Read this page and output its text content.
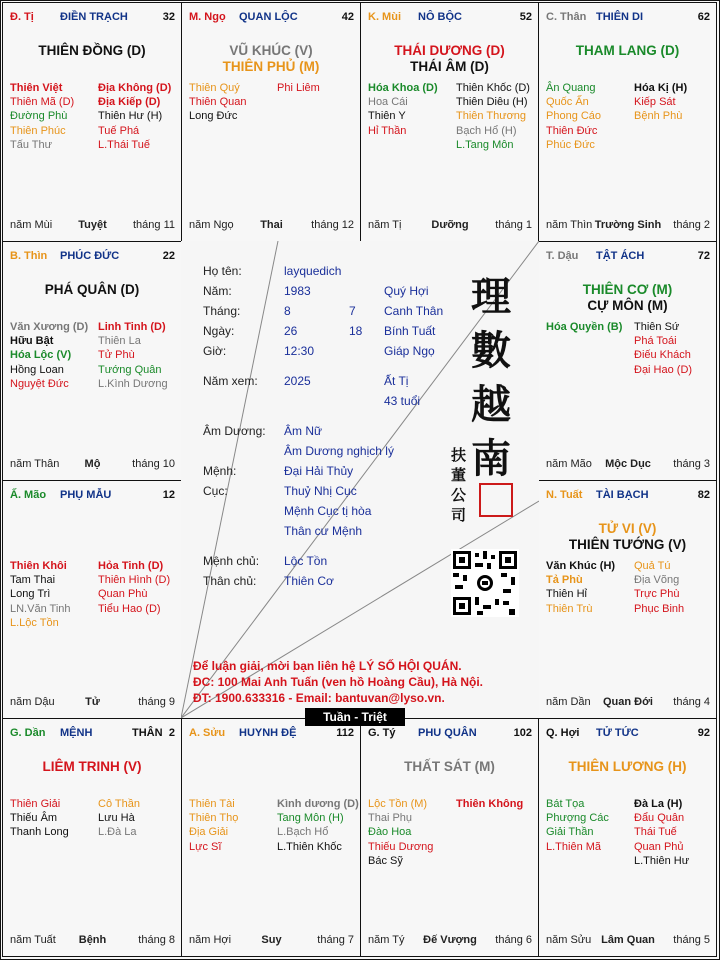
Đ. Tị ĐIỀN TRẠCH	32
THIÊN ĐỒNG (D)
Thiên Việt
Thiên Mã (D)
Đường Phù
Thiên Phúc
Tấu Thư
Địa Không (D)
Địa Kiếp (D)
Thiên Hư (H)
Tuế Phá
L.Thái Tuế
năm Mùi	Tuyệt	tháng 11
M. Ngọ QUAN LỘC	42
VŨ KHÚC (V)
THIÊN PHỦ (M)
Thiên Quý
Thiên Quan
Long Đức
Phi Liêm
năm Ngọ	Thai	tháng 12
K. Mùi NÔ BỘC	52
THÁI DƯƠNG (D)
THÁI ÂM (D)
Hóa Khoa (D)
Hoa Cái
Thiên Y
Hỉ Thần
Thiên Khốc (D)
Thiên Diêu (H)
Thiên Thương
Bạch Hổ (H)
L.Tang Môn
năm Tị	Dưỡng	tháng 1
C. Thân THIÊN DI	62
THAM LANG (D)
Ân Quang
Quốc Ấn
Phong Cáo
Thiên Đức
Phúc Đức
Hóa Kị (H)
Kiếp Sát
Bệnh Phù
năm Thìn Trường Sinh	tháng 2
B. Thìn PHÚC ĐỨC	22
PHÁ QUÂN (D)
Văn Xương (D)
Hữu Bật
Hóa Lộc (V)
Hồng Loan
Nguyệt Đức
Linh Tinh (D)
Thiên La
Tử Phù
Tướng Quân
L.Kình Dương
năm Thân	Mộ	tháng 10
T. Dậu TẬT ÁCH	72
THIÊN CƠ (M)
CỰ MÔN (M)
Hóa Quyền (B) Thiên Sứ
Phá Toái
Điếu Khách
Đại Hao (D)
năm Mão	Mộc Dục	tháng 3
Ấ. Mão PHỤ MẪU	12
Thiên Khôi
Tam Thai
Long Trì
LN.Văn Tinh
L.Lộc Tồn
Hỏa Tinh (D)
Thiên Hình (D)
Quan Phù
Tiểu Hao (D)
năm Dậu	Tử	tháng 9
N. Tuất TÀI BẠCH	82
TỬ VI (V)
THIÊN TƯỚNG (V)
Văn Khúc (H)
Tả Phù
Thiên Hỉ
Thiên Trù
Quả Tú
Địa Võng
Trực Phù
Phục Binh
năm Dần	Quan Đới	tháng 4
G. Dần MỆNH	THÂN 2
LIÊM TRINH (V)
Thiên Giải
Thiếu Âm
Thanh Long
Cô Thần
Lưu Hà
L.Đà La
năm Tuất	Bệnh	tháng 8
A. Sửu HUYNH ĐỆ	112
Thiên Tài
Thiên Thọ
Địa Giải
Lực Sĩ
Kình dương (D)
Tang Môn (H)
L.Bạch Hổ
L.Thiên Khốc
năm Hợi	Suy	tháng 7
G. Tý PHU QUÂN	102
THẤT SÁT (M)
Lộc Tồn (M)
Thai Phụ
Đào Hoa
Thiếu Dương
Bác Sỹ
Thiên Không
năm Tý	Đế Vượng	tháng 6
Q. Hợi TỬ TỨC	92
THIÊN LƯƠNG (H)
Bát Tọa
Phượng Các
Giải Thần
L.Thiên Mã
Đà La (H)
Đẩu Quân
Thái Tuế
Quan Phủ
L.Thiên Hư
năm Sửu Lâm Quan	tháng 5
Họ tên:	layquedich
Năm:	1983	Quý Hợi
Tháng:	8	7 Canh Thân
Ngày:	26	18 Bính Tuất
Giờ:	12:30	Giáp Ngọ
Năm xem: 2025	Ất Tị
43 tuổi
Âm Dương: Âm Nữ
Âm Dương nghịch lý
Mệnh:	Đại Hải Thủy
Cục:	Thuỷ Nhị Cục
Mệnh Cục tị hòa
Thân cư Mệnh
Mệnh chủ: Lộc Tồn
Thân chủ: Thiên Cơ
理
數
越
南
扶
董
公
司
Để luận giải, mời bạn liên hệ LÝ SỐ HỘI QUÁN.
ĐC: 100 Mai Anh Tuấn (ven hồ Hoàng Cầu), Hà Nội.
ĐT: 1900.633316 - Email: bantuvan@lyso.vn.
Tuần - Triệt
